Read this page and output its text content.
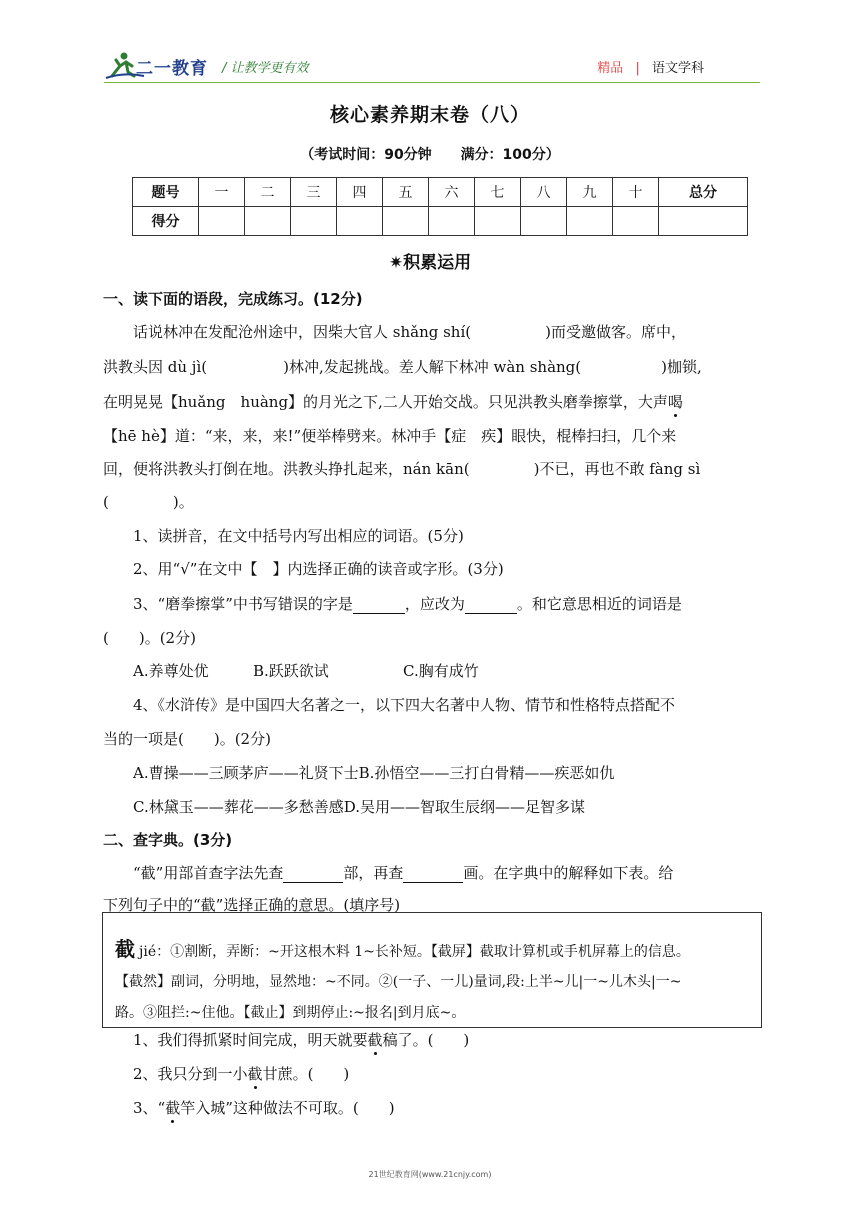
二一教育 / 让教学更有效	精品 | 语文学科
核心素养期末卷（八）
（考试时间：90分钟 满分：100分）
题号	一	二	三	四	五	六	七	八	九	十	总分
得分											
✷积累运用
一、读下面的语段，完成练习。(12分)
话说林冲在发配沧州途中，因柴大官人 shǎng shí(	)而受邀做客。席中，
洪教头因 dù jì(	)林冲,发起挑战。差人解下林冲 wàn shàng(	)枷锁,
在明晃晃【huǎng　huàng】的月光之下,二人开始交战。只见洪教头磨拳擦掌，大声喝
【hē hè】道：“来，来，来!”便举棒劈来。林冲手【症　疾】眼快，棍棒扫扫，几个来
回，便将洪教头打倒在地。洪教头挣扎起来，nán kān(	)不已，再也不敢 fàng sì
(	)。
1、读拼音，在文中括号内写出相应的词语。(5分)
2、用“√”在文中【　】内选择正确的读音或字形。(3分)
3、“磨拳擦掌”中书写错误的字是	，应改为	。和它意思相近的词语是
(　　)。(2分)
A.养尊处优	B.跃跃欲试	C.胸有成竹
4、《水浒传》是中国四大名著之一，以下四大名著中人物、情节和性格特点搭配不
当的一项是(　　)。(2分)
A.曹操——三顾茅庐——礼贤下士B.孙悟空——三打白骨精——疾恶如仇
C.林黛玉——葬花——多愁善感D.吴用——智取生辰纲——足智多谋
二、查字典。(3分)
“截”用部首查字法先查	部，再查	画。在字典中的解释如下表。给
下列句子中的“截”选择正确的意思。(填序号)
截 jié：①割断，弄断：~开这根木料 1~长补短。【截屏】截取计算机或手机屏幕上的信息。
【截然】副词，分明地，显然地：~不同。②(一子、一儿)量词,段:上半~儿|一~儿木头|一~
路。③阻拦:~住他。【截止】到期停止:~报名|到月底~。
1、我们得抓紧时间完成，明天就要截稿了。(　　)
2、我只分到一小截甘蔗。(　　)
3、“截竿入城”这种做法不可取。(　　)
21世纪教育网(www.21cnjy.com)
